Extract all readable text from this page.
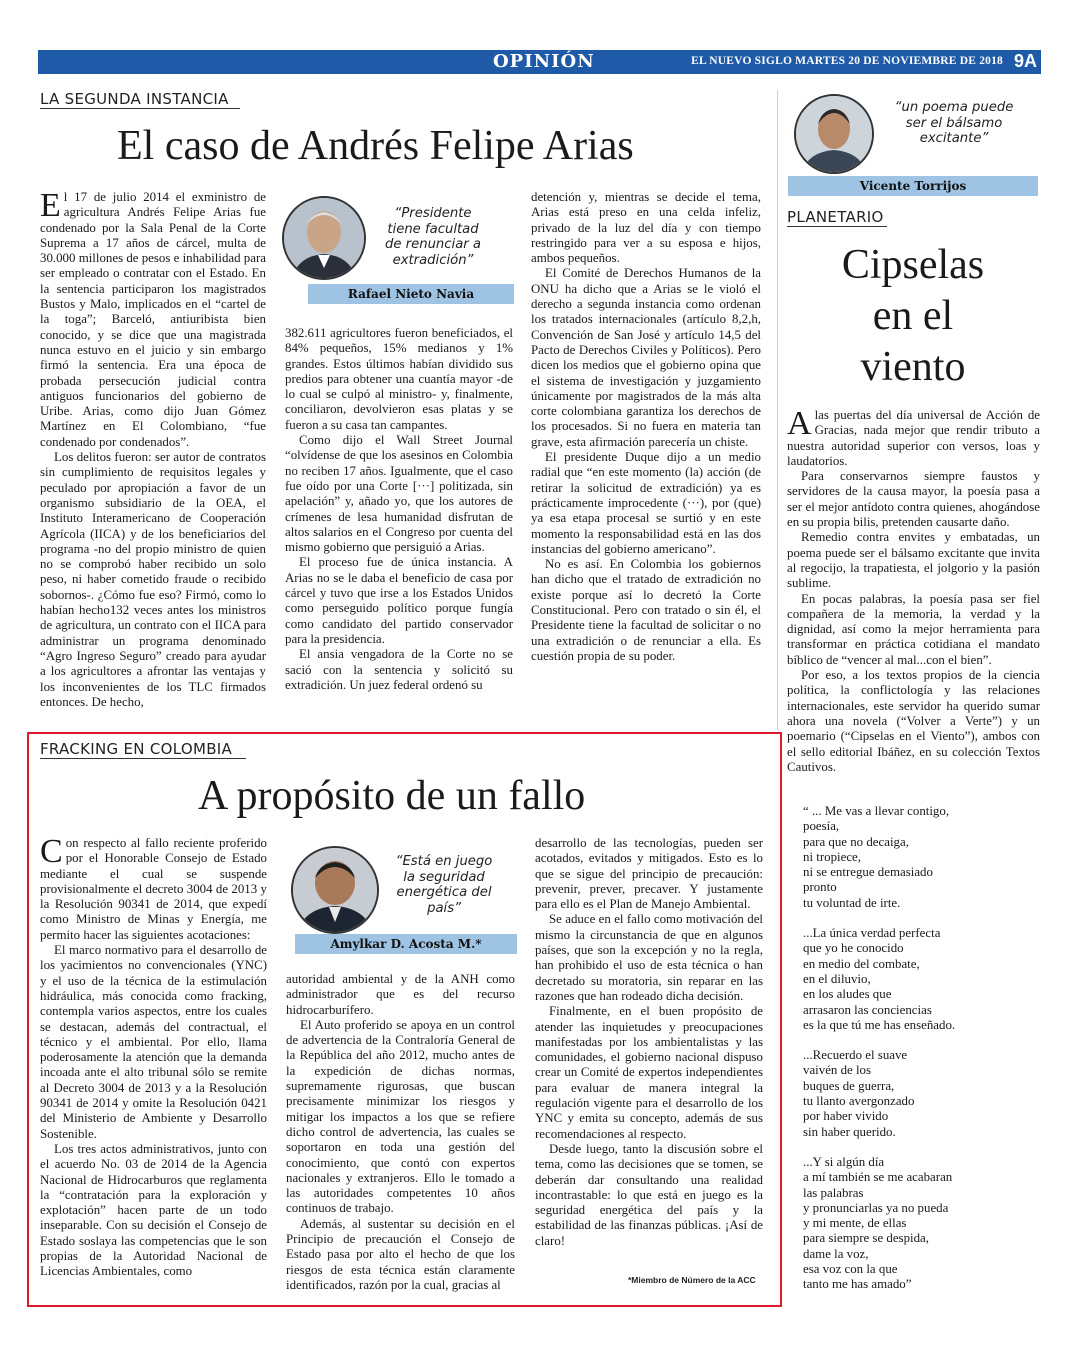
OPINIÓN	EL NUEVO SIGLO MARTES 20 DE NOVIEMBRE DE 2018 9A
LA SEGUNDA INSTANCIA
El caso de Andrés Felipe Arias

El 17 de julio 2014 el exministro de agricultura Andrés Felipe Arias fue condenado por la Sala Penal de la Corte Suprema a 17 años de cárcel, multa de 30.000 millones de pesos e inhabilidad para ser empleado o contratar con el Estado. En la sentencia participaron los magistrados Bustos y Malo, implicados en el “cartel de la toga”; Barceló, antiuribista bien conocido, y se dice que una magistrada nunca estuvo en el juicio y sin embargo firmó la sentencia. Era una época de probada persecución judicial contra antiguos funcionarios del gobierno de Uribe. Arias, como dijo Juan Gómez Martínez en El Colombiano, “fue condenado por condenados”.

Los delitos fueron: ser autor de contratos sin cumplimiento de requisitos legales y peculado por apropiación a favor de un organismo subsidiario de la OEA, el Instituto Interamericano de Cooperación Agrícola (IICA) y de los beneficiarios del programa -no del propio ministro de quien no se comprobó haber recibido un solo peso, ni haber cometido fraude o recibido sobornos-. ¿Cómo fue eso? Firmó, como lo habían hecho132 veces antes los ministros de agricultura, un contrato con el IICA para administrar un programa denominado “Agro Ingreso Seguro” creado para ayudar a los agricultores a afrontar las ventajas y los inconvenientes de los TLC firmados entonces. De hecho,

“Presidente tiene facultad de renunciar a extradición”
Rafael Nieto Navia

382.611 agricultores fueron beneficiados, el 84% pequeños, 15% medianos y 1% grandes. Estos últimos habían dividido sus predios para obtener una cuantía mayor -de lo cual se culpó al ministro- y, finalmente, conciliaron, devolvieron esas platas y se fueron a su casa tan campantes.

Como dijo el Wall Street Journal “olvídense de que los asesinos en Colombia no reciben 17 años. Igualmente, que el caso fue oído por una Corte [···] politizada, sin apelación” y, añado yo, que los autores de crímenes de lesa humanidad disfrutan de altos salarios en el Congreso por cuenta del mismo gobierno que persiguió a Arias.

El proceso fue de única instancia. A Arias no se le daba el beneficio de casa por cárcel y tuvo que irse a los Estados Unidos como perseguido político porque fungía como candidato del partido conservador para la presidencia.

El ansia vengadora de la Corte no se sació con la sentencia y solicitó su extradición. Un juez federal ordenó su

detención y, mientras se decide el tema, Arias está preso en una celda infeliz, privado de la luz del día y con tiempo restringido para ver a su esposa e hijos, ambos pequeños.

El Comité de Derechos Humanos de la ONU ha dicho que a Arias se le violó el derecho a segunda instancia como ordenan los tratados internacionales (artículo 8,2,h, Convención de San José y artículo 14,5 del Pacto de Derechos Civiles y Políticos). Pero dicen los medios que el gobierno opina que el sistema de investigación y juzgamiento únicamente por magistrados de la más alta corte colombiana garantiza los derechos de los procesados. Si no fuera en materia tan grave, esta afirmación parecería un chiste.

El presidente Duque dijo a un medio radial que “en este momento (la) acción (de retirar la solicitud de extradición) ya es prácticamente improcedente (···), por (que) ya esa etapa procesal se surtió y en este momento la responsabilidad está en las dos instancias del gobierno americano”.

No es así. En Colombia los gobiernos han dicho que el tratado de extradición no existe porque así lo decretó la Corte Constitucional. Pero con tratado o sin él, el Presidente tiene la facultad de solicitar o no una extradición o de renunciar a ella. Es cuestión propia de su poder.

“un poema puede ser el bálsamo excitante”
Vicente Torrijos
PLANETARIO
Cipselas
en el
viento

Alas puertas del día universal de Acción de Gracias, nada mejor que rendir tributo a nuestra autoridad superior con versos, loas y laudatorios.

Para conservarnos siempre faustos y servidores de la causa mayor, la poesía pasa a ser el mejor antídoto contra quienes, ahogándose en su propia bilis, pretenden causarte daño.

Remedio contra envites y embatadas, un poema puede ser el bálsamo excitante que invita al regocijo, la trapatiesta, el jolgorio y la pasión sublime.

En pocas palabras, la poesía pasa ser fiel compañera de la memoria, la verdad y la dignidad, así como la mejor herramienta para transformar en práctica cotidiana el mandato bíblico de “vencer al mal...con el bien”.

Por eso, a los textos propios de la ciencia política, la conflictología y las relaciones internacionales, este servidor ha querido sumar ahora una novela (“Volver a Verte”) y un poemario (“Cipselas en el Viento”), ambos con el sello editorial Ibáñez, en su colección Textos Cautivos.

“ ... Me vas a llevar contigo,

poesía,

para que no decaiga,

ni tropiece,

ni se entregue demasiado

pronto

tu voluntad de irte.

...La única verdad perfecta

que yo he conocido

en medio del combate,

en el diluvio,

en los aludes que

arrasaron las conciencias

es la que tú me has enseñado.

...Recuerdo el suave

vaivén de los

buques de guerra,

tu llanto avergonzado

por haber vivido

sin haber querido.

...Y si algún día

a mí también se me acabaran

las palabras

y pronunciarlas ya no pueda

y mi mente, de ellas

para siempre se despida,

dame la voz,

esa voz con la que

tanto me has amado”

FRACKING EN COLOMBIA
A propósito de un fallo

Con respecto al fallo reciente proferido por el Honorable Consejo de Estado mediante el cual se suspende provisionalmente el decreto 3004 de 2013 y la Resolución 90341 de 2014, que expedí como Ministro de Minas y Energía, me permito hacer las siguientes acotaciones:

El marco normativo para el desarrollo de los yacimientos no convencionales (YNC) y el uso de la técnica de la estimulación hidráulica, más conocida como fracking, contempla varios aspectos, entre los cuales se destacan, además del contractual, el técnico y el ambiental. Por ello, llama poderosamente la atención que la demanda incoada ante el alto tribunal sólo se remite al Decreto 3004 de 2013 y a la Resolución 90341 de 2014 y omite la Resolución 0421 del Ministerio de Ambiente y Desarrollo Sostenible.

Los tres actos administrativos, junto con el acuerdo No. 03 de 2014 de la Agencia Nacional de Hidrocarburos que reglamenta la “contratación para la exploración y explotación” hacen parte de un todo inseparable. Con su decisión el Consejo de Estado soslaya las competencias que le son propias de la Autoridad Nacional de Licencias Ambientales, como

“Está en juego la seguridad energética del país”
Amylkar D. Acosta M.*

autoridad ambiental y de la ANH como administrador que es del recurso hidrocarburífero.

El Auto proferido se apoya en un control de advertencia de la Contraloría General de la República del año 2012, mucho antes de la expedición de dichas normas, supremamente rigurosas, que buscan precisamente minimizar los riesgos y mitigar los impactos a los que se refiere dicho control de advertencia, las cuales se soportaron en toda una gestión del conocimiento, que contó con expertos nacionales y extranjeros. Ello le tomado a las autoridades competentes 10 años continuos de trabajo.

Además, al sustentar su decisión en el Principio de precaución el Consejo de Estado pasa por alto el hecho de que los riesgos de esta técnica están claramente identificados, razón por la cual, gracias al

desarrollo de las tecnologías, pueden ser acotados, evitados y mitigados. Esto es lo que se sigue del principio de precaución: prevenir, prever, precaver. Y justamente para ello es el Plan de Manejo Ambiental.

Se aduce en el fallo como motivación del mismo la circunstancia de que en algunos países, que son la excepción y no la regla, han prohibido el uso de esta técnica o han decretado su moratoria, sin reparar en las razones que han rodeado dicha decisión.

Finalmente, en el buen propósito de atender las inquietudes y preocupaciones manifestadas por los ambientalistas y las comunidades, el gobierno nacional dispuso crear un Comité de expertos independientes para evaluar de manera integral la regulación vigente para el desarrollo de los YNC y emita su concepto, además de sus recomendaciones al respecto.

Desde luego, tanto la discusión sobre el tema, como las decisiones que se tomen, se deberán dar consultando una realidad incontrastable: lo que está en juego es la seguridad energética del país y la estabilidad de las finanzas públicas. ¡Así de claro!

*Miembro de Número de la ACC
